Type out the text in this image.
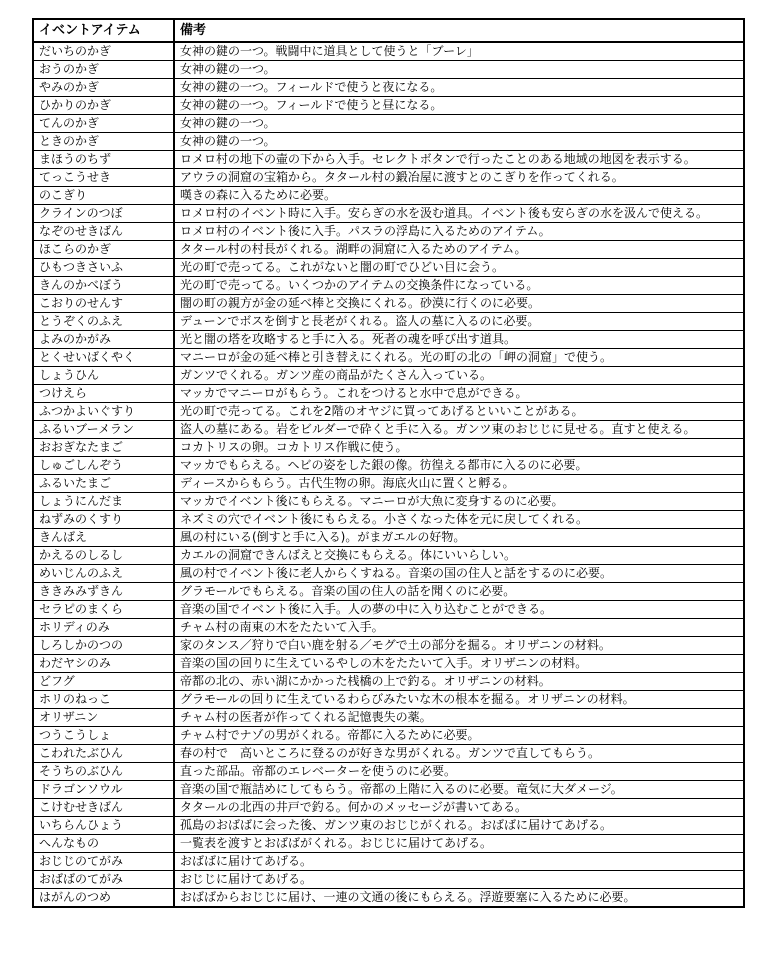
イベントアイテム	備考
だいちのかぎ	女神の鍵の一つ。戦闘中に道具として使うと「ブーレ」
おうのかぎ	女神の鍵の一つ。
やみのかぎ	女神の鍵の一つ。フィールドで使うと夜になる。
ひかりのかぎ	女神の鍵の一つ。フィールドで使うと昼になる。
てんのかぎ	女神の鍵の一つ。
ときのかぎ	女神の鍵の一つ。
まほうのちず	ロメロ村の地下の壷の下から入手。セレクトボタンで行ったことのある地域の地図を表示する。
てっこうせき	アウラの洞窟の宝箱から。タタール村の鍛冶屋に渡すとのこぎりを作ってくれる。
のこぎり	嘆きの森に入るために必要。
クラインのつぼ	ロメロ村のイベント時に入手。安らぎの水を汲む道具。イベント後も安らぎの水を汲んで使える。
なぞのせきばん	ロメロ村のイベント後に入手。パスラの浮島に入るためのアイテム。
ほこらのかぎ	タタール村の村長がくれる。湖畔の洞窟に入るためのアイテム。
ひもつきさいふ	光の町で売ってる。これがないと闇の町でひどい目に会う。
きんのかべぼう	光の町で売ってる。いくつかのアイテムの交換条件になっている。
こおりのせんす	闇の町の親方が金の延べ棒と交換にくれる。砂漠に行くのに必要。
とうぞくのふえ	デューンでボスを倒すと長老がくれる。盗人の墓に入るのに必要。
よみのかがみ	光と闇の塔を攻略すると手に入る。死者の魂を呼び出す道具。
とくせいばくやく	マニーロが金の延べ棒と引き替えにくれる。光の町の北の「岬の洞窟」で使う。
しょうひん	ガンツでくれる。ガンツ産の商品がたくさん入っている。
つけえら	マッカでマニーロがもらう。これをつけると水中で息ができる。
ふつかよいぐすり	光の町で売ってる。これを2階のオヤジに買ってあげるといいことがある。
ふるいブーメラン	盗人の墓にある。岩をビルダーで砕くと手に入る。ガンツ東のおじじに見せる。直すと使える。
おおぎなたまご	コカトリスの卵。コカトリス作戦に使う。
しゅごしんぞう	マッカでもらえる。ヘビの姿をした銀の像。彷徨える都市に入るのに必要。
ふるいたまご	ディースからもらう。古代生物の卵。海底火山に置くと孵る。
しょうにんだま	マッカでイベント後にもらえる。マニーロが大魚に変身するのに必要。
ねずみのくすり	ネズミの穴でイベント後にもらえる。小さくなった体を元に戻してくれる。
きんばえ	風の村にいる(倒すと手に入る)。がまガエルの好物。
かえるのしるし	カエルの洞窟できんばえと交換にもらえる。体にいいらしい。
めいじんのふえ	風の村でイベント後に老人からくすねる。音楽の国の住人と話をするのに必要。
ききみみずきん	グラモールでもらえる。音楽の国の住人の話を聞くのに必要。
セラピのまくら	音楽の国でイベント後に入手。人の夢の中に入り込むことができる。
ホリディのみ	チャム村の南東の木をたたいて入手。
しろしかのつの	家のタンス／狩りで白い鹿を射る／モグで土の部分を掘る。オリザニンの材料。
わだヤシのみ	音楽の国の回りに生えているやしの木をたたいて入手。オリザニンの材料。
どフグ	帝都の北の、赤い湖にかかった桟橋の上で釣る。オリザニンの材料。
ホリのねっこ	グラモールの回りに生えているわらびみたいな木の根本を掘る。オリザニンの材料。
オリザニン	チャム村の医者が作ってくれる記憶喪失の薬。
つうこうしょ	チャム村でナゾの男がくれる。帝都に入るために必要。
こわれたぶひん	春の村で　高いところに登るのが好きな男がくれる。ガンツで直してもらう。
そうちのぶひん	直った部品。帝都のエレベーターを使うのに必要。
ドラゴンソウル	音楽の国で瓶詰めにしてもらう。帝都の上階に入るのに必要。竜気に大ダメージ。
こけむせきばん	タタールの北西の井戸で釣る。何かのメッセージが書いてある。
いちらんひょう	孤島のおばばに会った後、ガンツ東のおじじがくれる。おばばに届けてあげる。
へんなもの	一覧表を渡すとおばばがくれる。おじじに届けてあげる。
おじじのてがみ	おばばに届けてあげる。
おばばのてがみ	おじじに届けてあげる。
はがんのつめ	おばばからおじじに届け、一連の文通の後にもらえる。浮遊要塞に入るために必要。
